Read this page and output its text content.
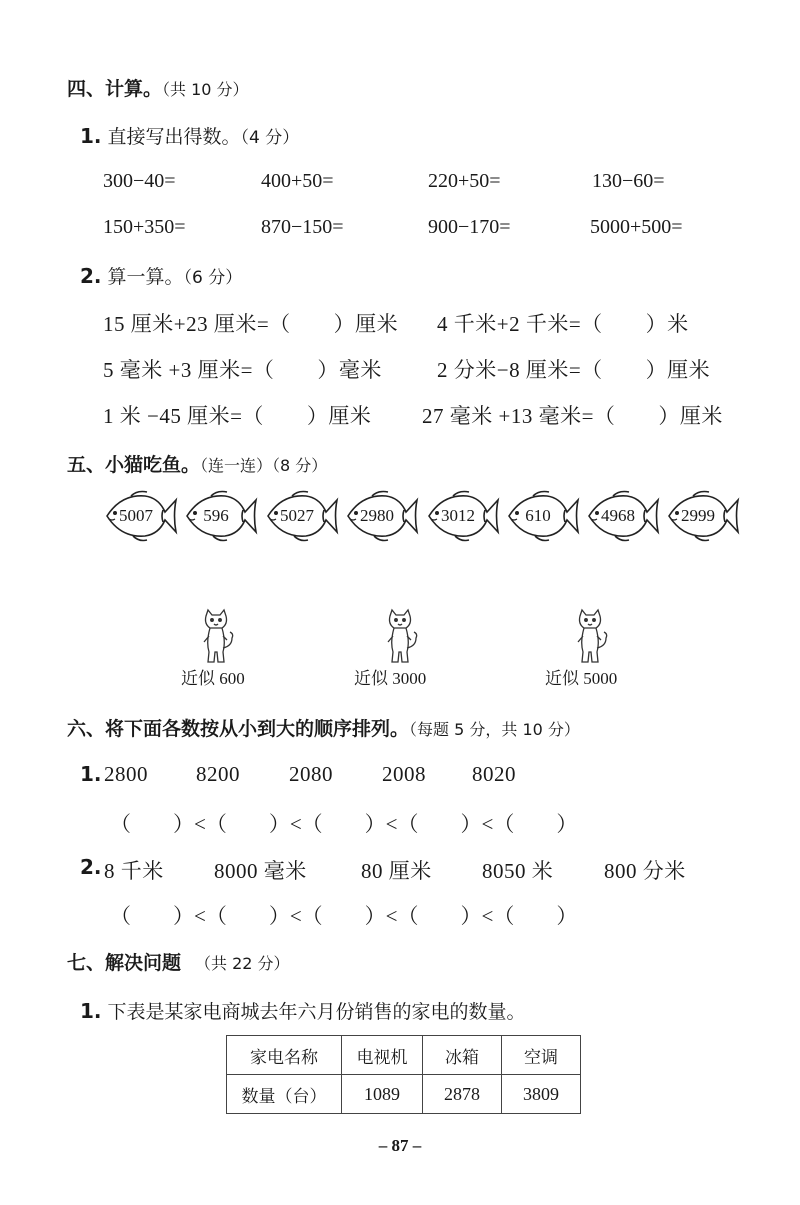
四、计算。（共 10 分）
1. 直接写出得数。（4 分）
300−40=	400+50=	220+50=	130−60=
150+350=	870−150=	900−170=	5000+500=
2. 算一算。（6 分）
15 厘米+23 厘米=（　　）厘米 4 千米+2 千米=（　　）米
5 毫米 +3 厘米=（　　）毫米	2 分米−8 厘米=（　　）厘米
1 米 −45 厘米=（　　）厘米 27 毫米 +13 毫米=（　　）厘米
五、小猫吃鱼。（连一连）（8 分）
5007	596	5027	2980	3012	610	4968	2999
近似 600	近似 3000	近似 5000
六、将下面各数按从小到大的顺序排列。（每题 5 分，共 10 分）
1. 2800 8200 2080 2008 8020
（　　）<（　　）<（　　）<（　　）<（　　）
2. 8 千米 8000 毫米	80 厘米 8050 米 800 分米
（　　）<（　　）<（　　）<（　　）<（　　）
七、解决问题 （共 22 分）
1. 下表是某家电商城去年六月份销售的家电的数量。
家电名称	电视机	冰箱	空调
数量（台）	1089	2878	3809
– 87 –
